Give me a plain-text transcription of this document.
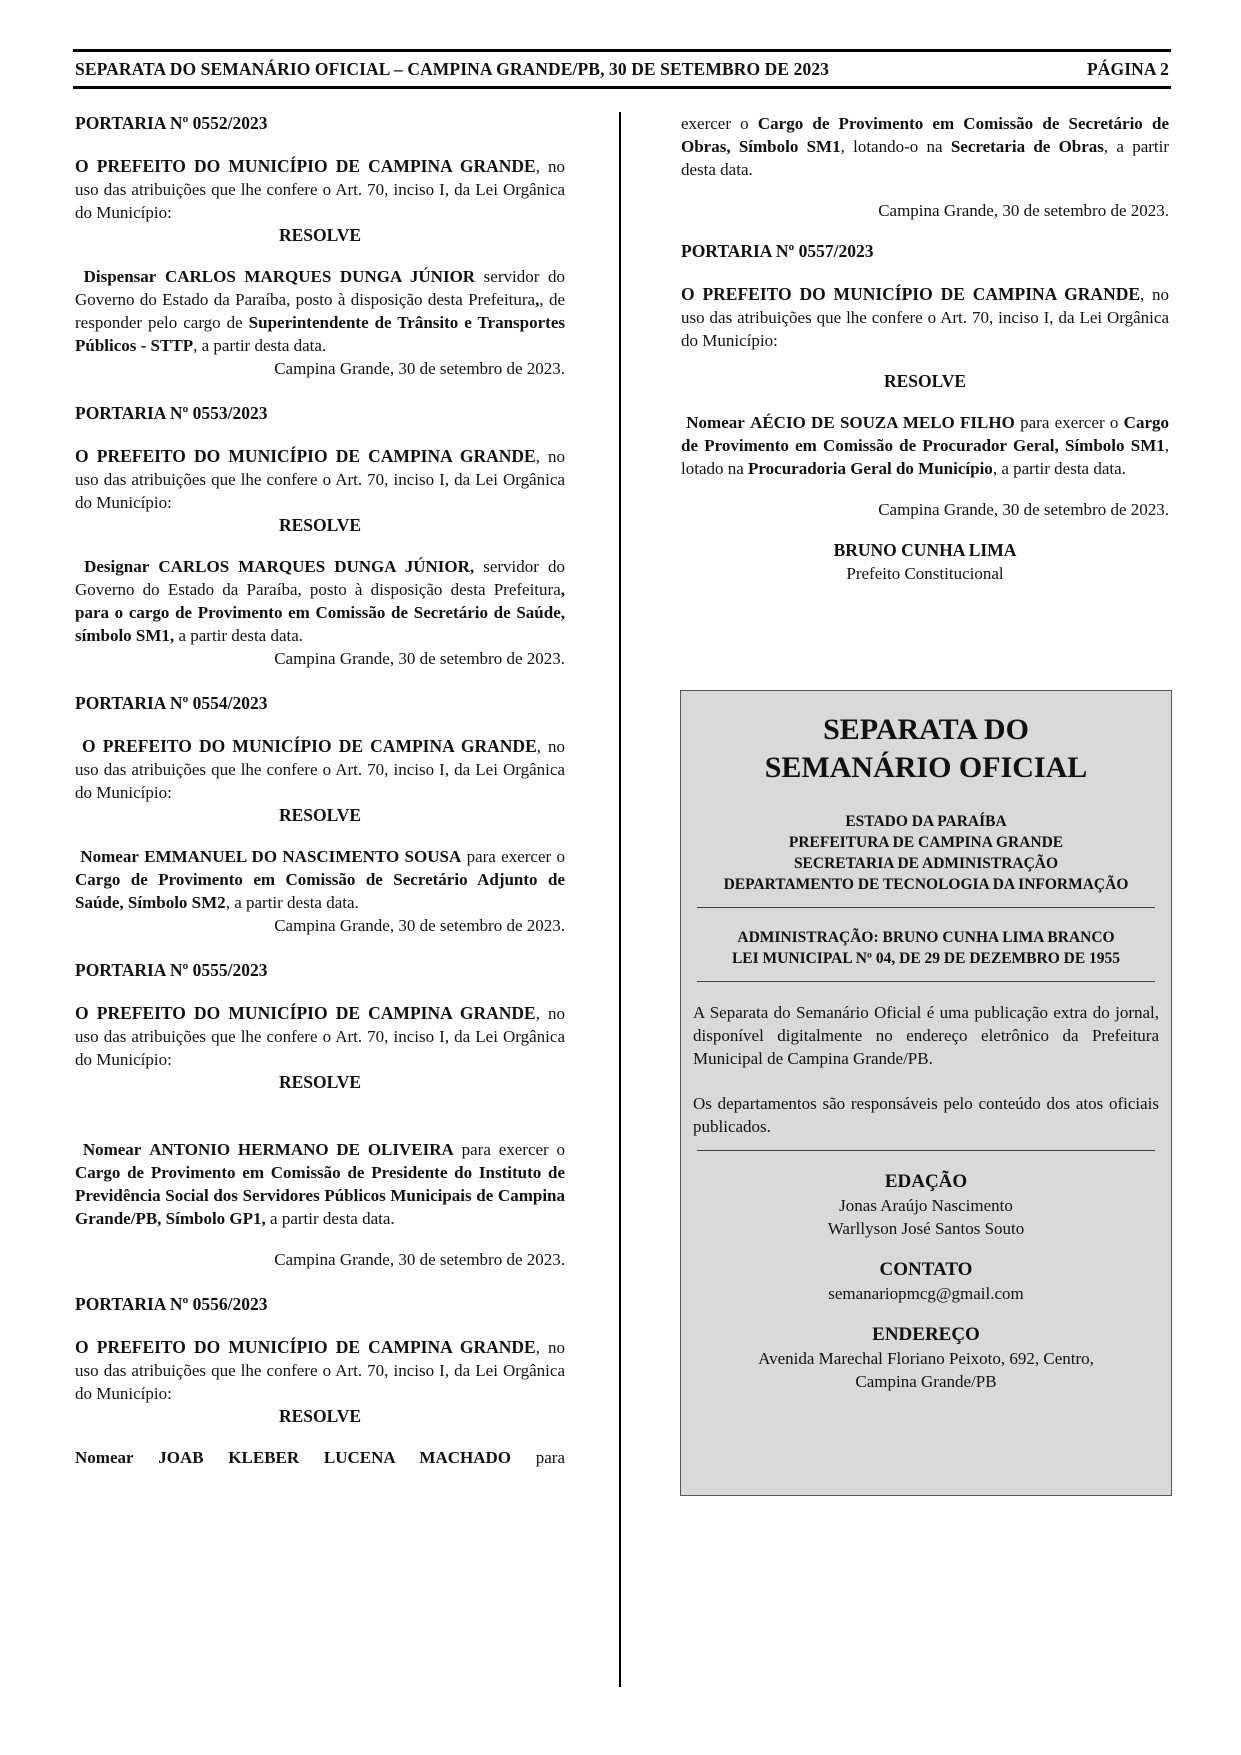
SEPARATA DO SEMANÁRIO OFICIAL – CAMPINA GRANDE/PB, 30 DE SETEMBRO DE 2023	PÁGINA 2

PORTARIA Nº 0552/2023

O PREFEITO DO MUNICÍPIO DE CAMPINA GRANDE, no uso das atribuições que lhe confere o Art. 70, inciso I, da Lei Orgânica do Município:

RESOLVE

Dispensar CARLOS MARQUES DUNGA JÚNIOR servidor do Governo do Estado da Paraíba, posto à disposição desta Prefeitura,, de responder pelo cargo de Superintendente de Trânsito e Transportes Públicos - STTP, a partir desta data.

Campina Grande, 30 de setembro de 2023.

PORTARIA Nº 0553/2023

O PREFEITO DO MUNICÍPIO DE CAMPINA GRANDE, no uso das atribuições que lhe confere o Art. 70, inciso I, da Lei Orgânica do Município:

RESOLVE

Designar CARLOS MARQUES DUNGA JÚNIOR, servidor do Governo do Estado da Paraíba, posto à disposição desta Prefeitura, para o cargo de Provimento em Comissão de Secretário de Saúde, símbolo SM1, a partir desta data.

Campina Grande, 30 de setembro de 2023.

PORTARIA Nº 0554/2023

O PREFEITO DO MUNICÍPIO DE CAMPINA GRANDE, no uso das atribuições que lhe confere o Art. 70, inciso I, da Lei Orgânica do Município:

RESOLVE

Nomear EMMANUEL DO NASCIMENTO SOUSA para exercer o Cargo de Provimento em Comissão de Secretário Adjunto de Saúde, Símbolo SM2, a partir desta data.

Campina Grande, 30 de setembro de 2023.

PORTARIA Nº 0555/2023

O PREFEITO DO MUNICÍPIO DE CAMPINA GRANDE, no uso das atribuições que lhe confere o Art. 70, inciso I, da Lei Orgânica do Município:

RESOLVE

Nomear ANTONIO HERMANO DE OLIVEIRA para exercer o Cargo de Provimento em Comissão de Presidente do Instituto de Previdência Social dos Servidores Públicos Municipais de Campina Grande/PB, Símbolo GP1, a partir desta data.

Campina Grande, 30 de setembro de 2023.

PORTARIA Nº 0556/2023

O PREFEITO DO MUNICÍPIO DE CAMPINA GRANDE, no uso das atribuições que lhe confere o Art. 70, inciso I, da Lei Orgânica do Município:

RESOLVE

Nomear JOAB KLEBER LUCENA MACHADO para

exercer o Cargo de Provimento em Comissão de Secretário de Obras, Símbolo SM1, lotando-o na Secretaria de Obras, a partir desta data.

Campina Grande, 30 de setembro de 2023.

PORTARIA Nº 0557/2023

O PREFEITO DO MUNICÍPIO DE CAMPINA GRANDE, no uso das atribuições que lhe confere o Art. 70, inciso I, da Lei Orgânica do Município:

RESOLVE

Nomear AÉCIO DE SOUZA MELO FILHO para exercer o Cargo de Provimento em Comissão de Procurador Geral, Símbolo SM1, lotado na Procuradoria Geral do Município, a partir desta data.

Campina Grande, 30 de setembro de 2023.

BRUNO CUNHA LIMA

Prefeito Constitucional

SEPARATA DO

SEMANÁRIO OFICIAL

ESTADO DA PARAÍBA

PREFEITURA DE CAMPINA GRANDE

SECRETARIA DE ADMINISTRAÇÃO

DEPARTAMENTO DE TECNOLOGIA DA INFORMAÇÃO

ADMINISTRAÇÃO: BRUNO CUNHA LIMA BRANCO

LEI MUNICIPAL Nº 04, DE 29 DE DEZEMBRO DE 1955

A Separata do Semanário Oficial é uma publicação extra do jornal, disponível digitalmente no endereço eletrônico da Prefeitura Municipal de Campina Grande/PB.

Os departamentos são responsáveis pelo conteúdo dos atos oficiais publicados.

EDAÇÃO

Jonas Araújo Nascimento

Warllyson José Santos Souto

CONTATO

semanariopmcg@gmail.com

ENDEREÇO

Avenida Marechal Floriano Peixoto, 692, Centro,

Campina Grande/PB
